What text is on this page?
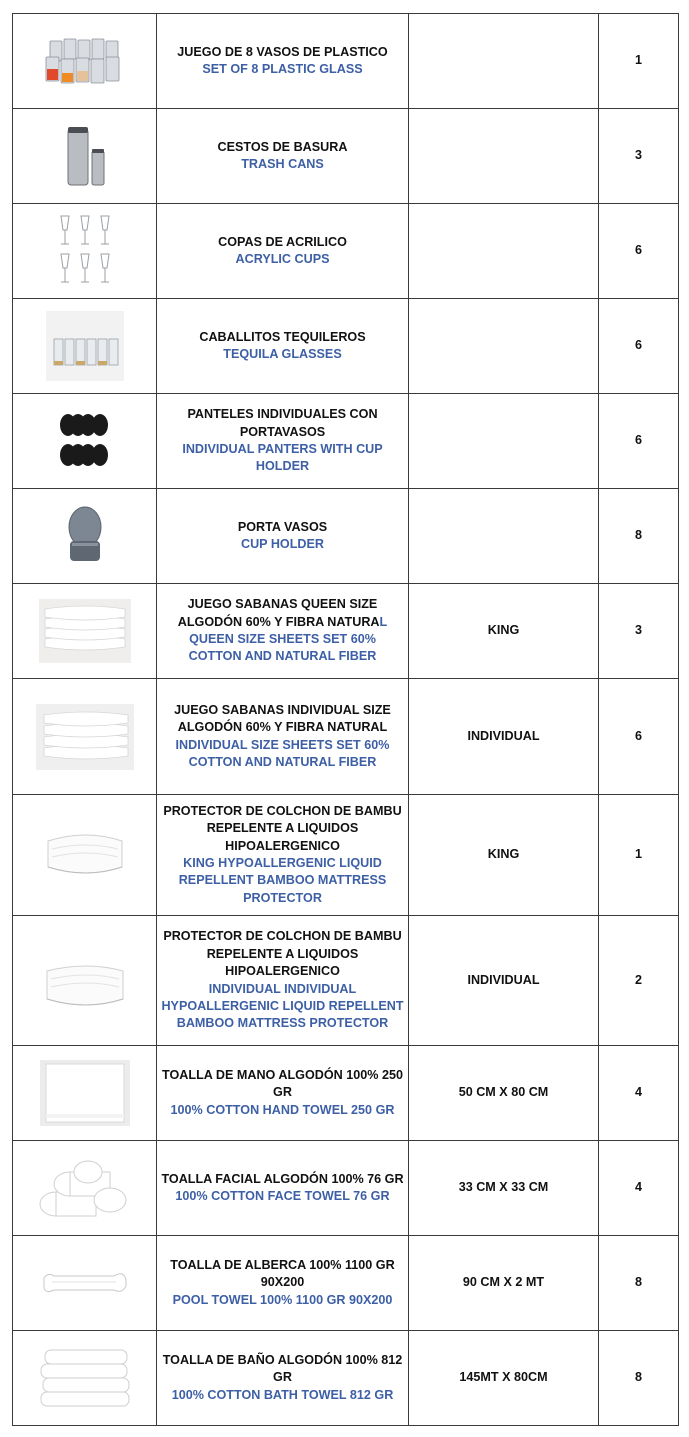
JUEGO DE 8 VASOS DE PLASTICO
SET OF 8 PLASTIC GLASS		1

CESTOS DE BASURA
TRASH CANS		3

COPAS DE ACRILICO
ACRYLIC CUPS		6

CABALLITOS TEQUILEROS
TEQUILA GLASSES		6

PANTELES INDIVIDUALES CON PORTAVASOS
INDIVIDUAL PANTERS WITH CUP HOLDER		6

PORTA VASOS
CUP HOLDER		8

JUEGO SABANAS QUEEN SIZE ALGODÓN 60% Y FIBRA NATURAL
QUEEN SIZE SHEETS SET 60% COTTON AND NATURAL FIBER	KING	3

JUEGO SABANAS INDIVIDUAL SIZE ALGODÓN 60% Y FIBRA NATURAL
INDIVIDUAL SIZE SHEETS SET 60% COTTON AND NATURAL FIBER	INDIVIDUAL	6

PROTECTOR DE COLCHON DE BAMBU REPELENTE A LIQUIDOS HIPOALERGENICO
KING HYPOALLERGENIC LIQUID REPELLENT BAMBOO MATTRESS PROTECTOR	KING	1

PROTECTOR DE COLCHON DE BAMBU REPELENTE A LIQUIDOS HIPOALERGENICO
INDIVIDUAL INDIVIDUAL HYPOALLERGENIC LIQUID REPELLENT BAMBOO MATTRESS PROTECTOR	INDIVIDUAL	2

TOALLA DE MANO ALGODÓN 100% 250 GR
100% COTTON HAND TOWEL 250 GR	50 CM X 80 CM	4

TOALLA FACIAL ALGODÓN 100% 76 GR
100% COTTON FACE TOWEL 76 GR	33 CM X 33 CM	4

TOALLA DE ALBERCA 100% 1100 GR 90X200
POOL TOWEL 100% 1100 GR 90X200	90 CM X 2 MT	8

TOALLA DE BAÑO ALGODÓN 100% 812 GR
100% COTTON BATH TOWEL 812 GR	145MT X 80CM	8
